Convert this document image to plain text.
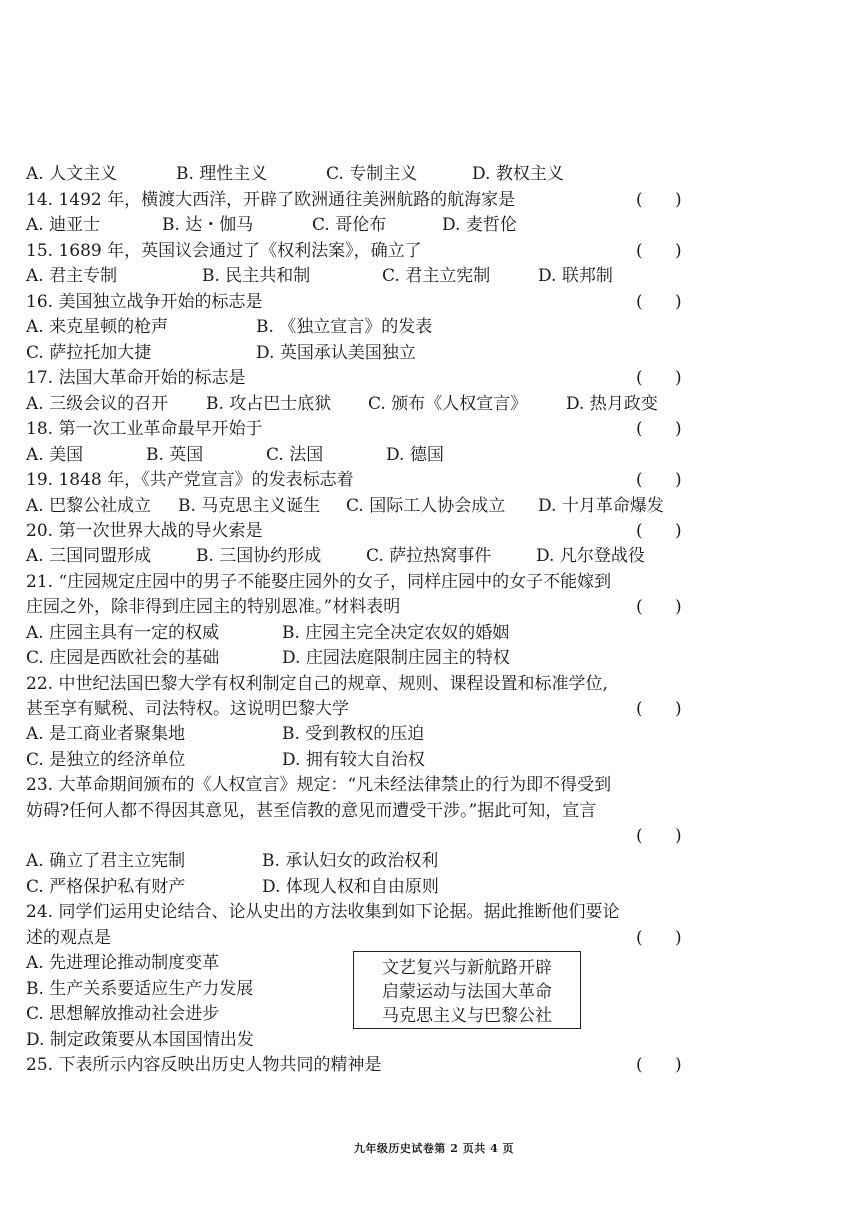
A. 人文主义	B. 理性主义	C. 专制主义	D. 教权主义
14. 1492 年，横渡大西洋，开辟了欧洲通往美洲航路的航海家是	(      )
A. 迪亚士	B. 达・伽马	C. 哥伦布	D. 麦哲伦
15. 1689 年，英国议会通过了《权利法案》，确立了	(      )
A. 君主专制	B. 民主共和制	C. 君主立宪制	D. 联邦制
16. 美国独立战争开始的标志是	(      )
A. 来克星顿的枪声	B. 《独立宣言》的发表
C. 萨拉托加大捷	D. 英国承认美国独立
17. 法国大革命开始的标志是	(      )
A. 三级会议的召开 B. 攻占巴士底狱 C. 颁布《人权宣言》 D. 热月政变
18. 第一次工业革命最早开始于	(      )
A. 美国	B. 英国	C. 法国	D. 德国
19. 1848 年，《共产党宣言》的发表标志着	(      )
A. 巴黎公社成立 B. 马克思主义诞生 C. 国际工人协会成立 D. 十月革命爆发
20. 第一次世界大战的导火索是	(      )
A. 三国同盟形成	B. 三国协约形成	C. 萨拉热窝事件	D. 凡尔登战役
21. “庄园规定庄园中的男子不能娶庄园外的女子，同样庄园中的女子不能嫁到
庄园之外，除非得到庄园主的特别恩准。”材料表明	(      )
A. 庄园主具有一定的权威	B. 庄园主完全决定农奴的婚姻
C. 庄园是西欧社会的基础	D. 庄园法庭限制庄园主的特权
22. 中世纪法国巴黎大学有权利制定自己的规章、规则、课程设置和标准学位,
甚至享有赋税、司法特权。这说明巴黎大学	(      )
A. 是工商业者聚集地	B. 受到教权的压迫
C. 是独立的经济单位	D. 拥有较大自治权
23. 大革命期间颁布的《人权宣言》规定：“凡未经法律禁止的行为即不得受到
妨碍?任何人都不得因其意见，甚至信教的意见而遭受干涉。”据此可知，宣言
(      )
A. 确立了君主立宪制	B. 承认妇女的政治权利
C. 严格保护私有财产	D. 体现人权和自由原则
24. 同学们运用史论结合、论从史出的方法收集到如下论据。据此推断他们要论
述的观点是	(      )
A. 先进理论推动制度变革
B. 生产关系要适应生产力发展
C. 思想解放推动社会进步
D. 制定政策要从本国国情出发
文艺复兴与新航路开辟
启蒙运动与法国大革命
马克思主义与巴黎公社
25. 下表所示内容反映出历史人物共同的精神是	(      )
九年级历史试卷第 2 页共 4 页
